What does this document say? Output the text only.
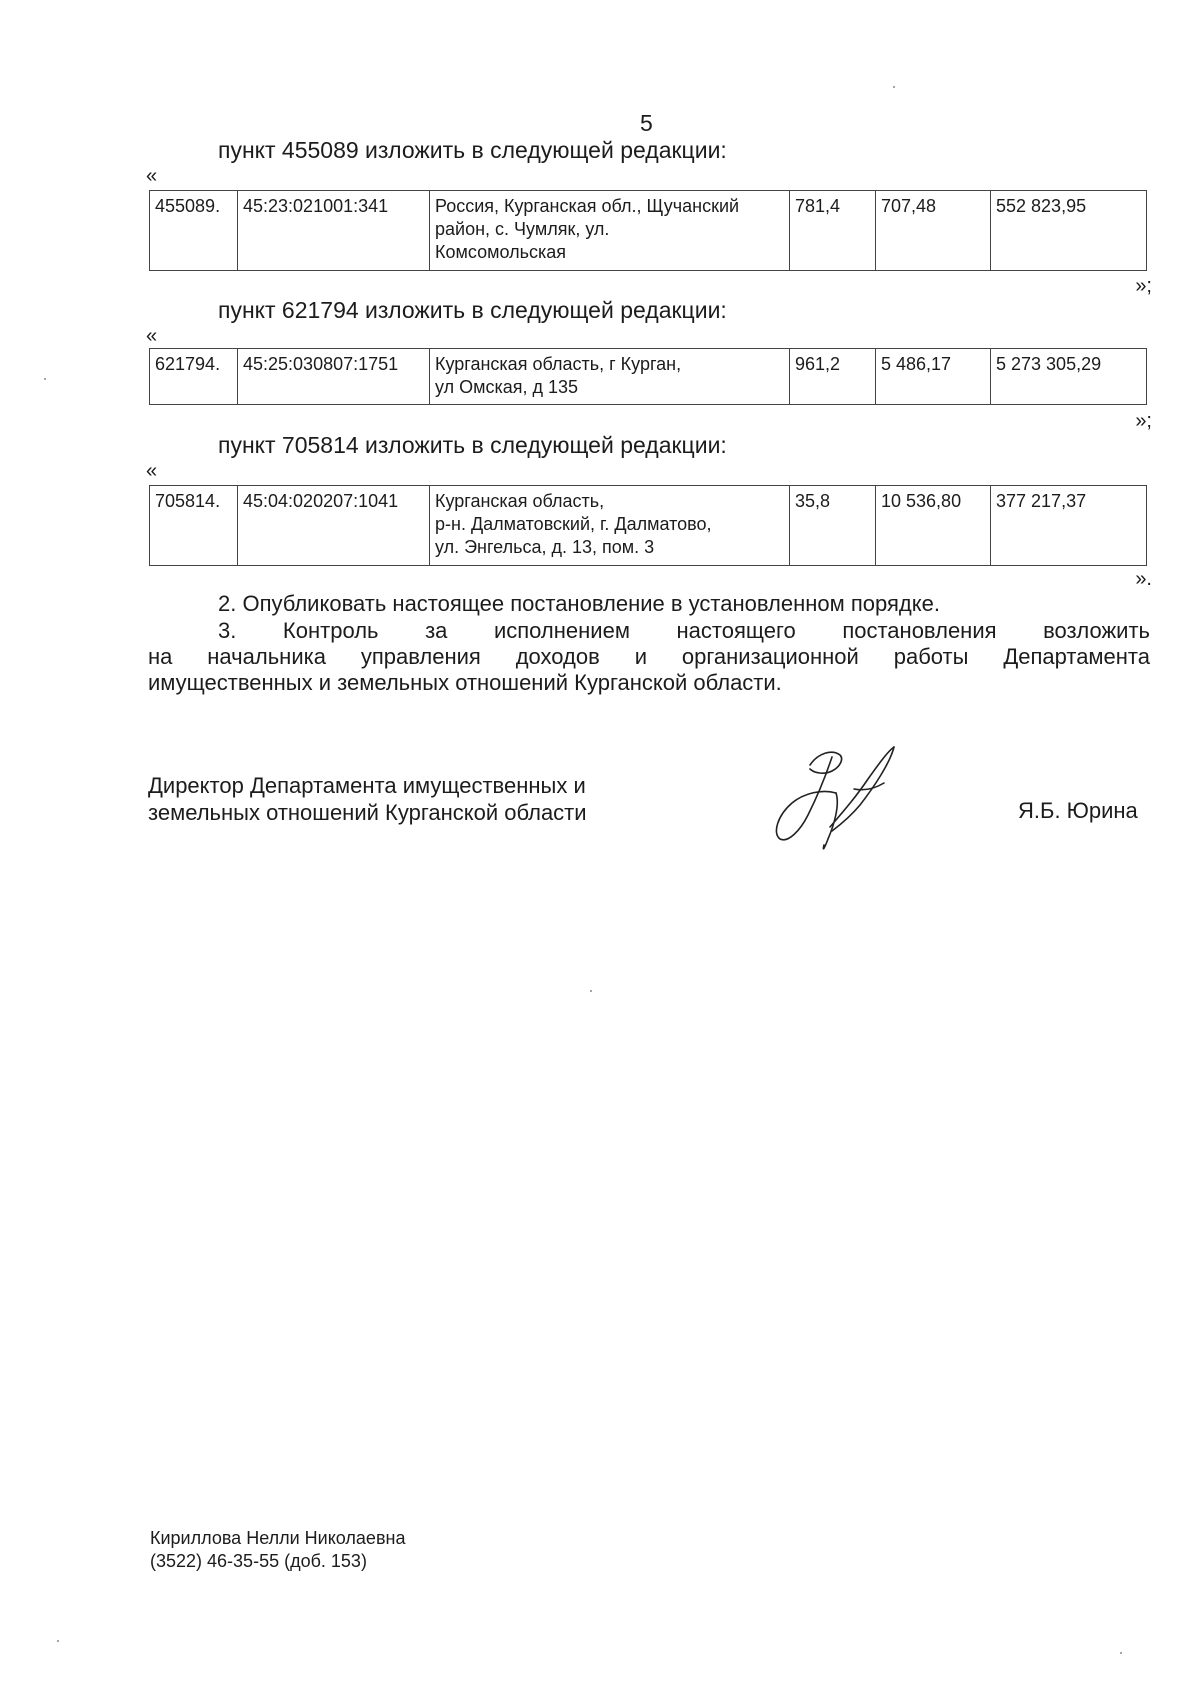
5
пункт 455089 изложить в следующей редакции:
«
455089.	45:23:021001:341	Россия, Курганская обл., Щучанский
район, с. Чумляк, ул.
Комсомольская
	781,4	707,48	552 823,95
»;
пункт 621794 изложить в следующей редакции:
«
621794.	45:25:030807:1751	Курганская область, г Курган,
ул Омская, д 135
	961,2	5 486,17	5 273 305,29
»;
пункт 705814 изложить в следующей редакции:
«
705814.	45:04:020207:1041	Курганская область,
р-н. Далматовский, г. Далматово,
ул. Энгельса, д. 13, пом. 3
	35,8	10 536,80	377 217,37
».
2. Опубликовать настоящее постановление в установленном порядке.
3. Контроль за исполнением настоящего постановления возложить
на начальника управления доходов и организационной работы Департамента
имущественных и земельных отношений Курганской области.
Директор Департамента имущественных и
земельных отношений Курганской области	Я.Б. Юрина
Кириллова Нелли Николаевна
(3522) 46-35-55 (доб. 153)
